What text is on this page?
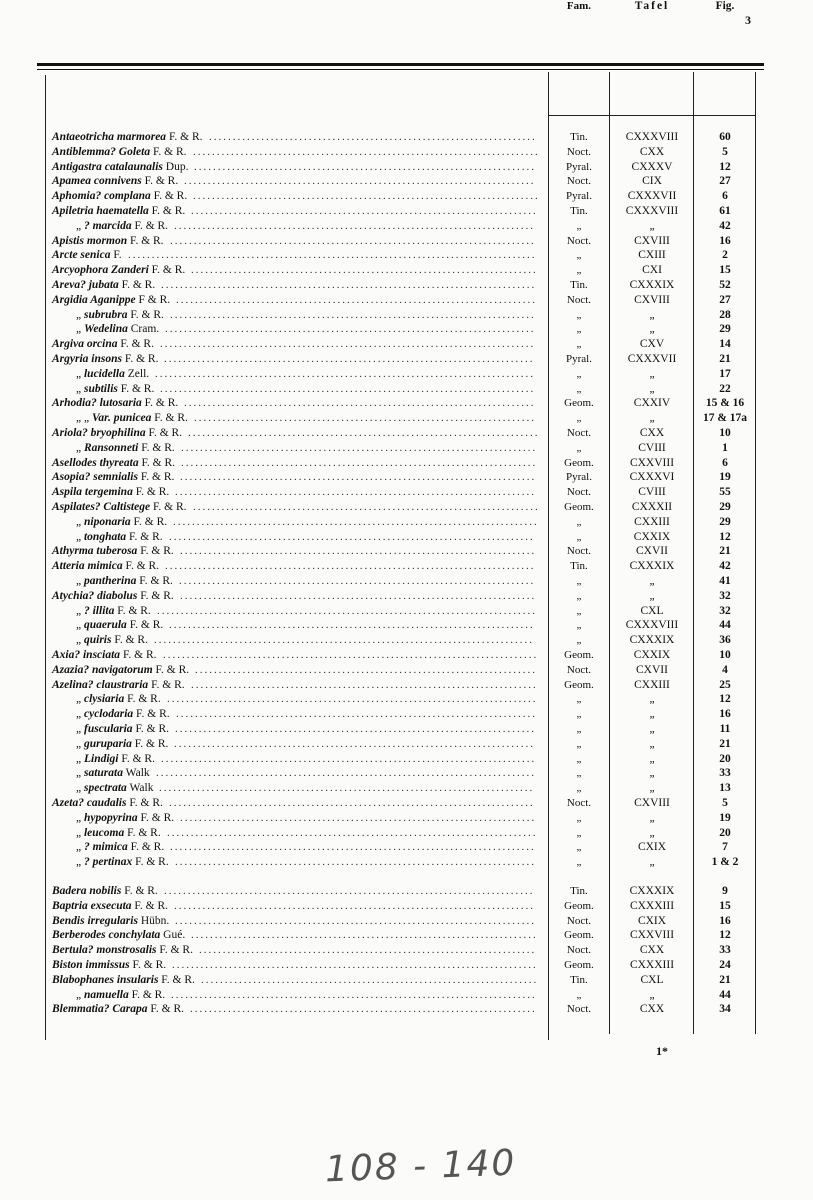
3
Fam.	Tafel	Fig.
Antaeotricha marmorea F. & R. .....................................................................	Tin.	CXXXVIII	60
Antiblemma? Goleta F. & R. .........................................................................	Noct.	CXX	5
Antigastra catalaunalis Dup. ........................................................................	Pyral.	CXXXV	12
Apamea connivens F. & R. ..........................................................................	Noct.	CIX	27
Aphomia? complana F. & R. .........................................................................	Pyral.	CXXXVII	6
Apiletria haematella F. & R. .........................................................................	Tin.	CXXXVIII	61
„ ? marcida F. & R. ............................................................................	„	„	42
Apistis mormon F. & R. .............................................................................	Noct.	CXVIII	16
Arcte senica F. ......................................................................................	„	CXIII	2
Arcyophora Zanderi F. & R. .........................................................................	„	CXI	15
Areva? jubata F. & R. ...............................................................................	Tin.	CXXXIX	52
Argidia Aganippe F & R. ............................................................................	Noct.	CXVIII	27
„ subrubra F. & R. .............................................................................	„	„	28
„ Wedelina Cram. ..............................................................................	„	„	29
Argiva orcina F. & R. ...............................................................................	„	CXV	14
Argyria insons F. & R. ..............................................................................	Pyral.	CXXXVII	21
„ lucidella Zell. ................................................................................	„	„	17
„ subtilis F. & R. ...............................................................................	„	„	22
Arhodia? lutosaria F. & R. ..........................................................................	Geom.	CXXIV	15 & 16
„ „ Var. punicea F. & R. ........................................................................	„	„	17 & 17a
Ariola? bryophilina F. & R. ..........................................................................	Noct.	CXX	10
„ Ransonneti F. & R. ...........................................................................	„	CVIII	1
Asellodes thyreata F. & R. ...........................................................................	Geom.	CXXVIII	6
Asopia? semnialis F. & R. ...........................................................................	Pyral.	CXXXVI	19
Aspila tergemina F. & R. ............................................................................	Noct.	CVIII	55
Aspilates? Caltistege F. & R. .........................................................................	Geom.	CXXXII	29
„ niponaria F. & R. .............................................................................	„	CXXIII	29
„ tonghata F. & R. .............................................................................	„	CXXIX	12
Athyrma tuberosa F. & R. ...........................................................................	Noct.	CXVII	21
Atteria mimica F. & R. ..............................................................................	Tin.	CXXXIX	42
„ pantherina F. & R. ...........................................................................	„	„	41
Atychia? diabolus F. & R. ...........................................................................	„	„	32
„ ? illita F. & R. ................................................................................	„	CXL	32
„ quaerula F. & R. .............................................................................	„	CXXXVIII	44
„ quiris F. & R. ................................................................................	„	CXXXIX	36
Axia? insciata F. & R. ...............................................................................	Geom.	CXXIX	10
Azazia? navigatorum F. & R. ........................................................................	Noct.	CXVII	4
Azelina? claustraria F. & R. .........................................................................	Geom.	CXXIII	25
„ clysiaria F. & R. ..............................................................................	„	„	12
„ cyclodaria F. & R. ............................................................................	„	„	16
„ fuscularia F. & R. ............................................................................	„	„	11
„ guruparia F. & R. ............................................................................	„	„	21
„ Lindigi F. & R. ...............................................................................	„	„	20
„ saturata Walk ................................................................................	„	„	33
„ spectrata Walk ...............................................................................	„	„	13
Azeta? caudalis F. & R. .............................................................................	Noct.	CXVIII	5
„ hypopyrina F. & R. ...........................................................................	„	„	19
„ leucoma F. & R. ..............................................................................	„	„	20
„ ? mimica F. & R. .............................................................................	„	CXIX	7
„ ? pertinax F. & R. ............................................................................	„	„	1 & 2
Badera nobilis F. & R. ..............................................................................	Tin.	CXXXIX	9
Baptria exsecuta F. & R. ............................................................................	Geom.	CXXXIII	15
Bendis irregularis Hübn. ............................................................................	Noct.	CXIX	16
Berberodes conchylata Gué. .........................................................................	Geom.	CXXVIII	12
Bertula? monstrosalis F. & R. .......................................................................	Noct.	CXX	33
Biston immissus F. & R. .............................................................................	Geom.	CXXXIII	24
Blabophanes insularis F. & R. .......................................................................	Tin.	CXL	21
„ namuella F. & R. .............................................................................	„	„	44
Blemmatia? Carapa F. & R. .........................................................................	Noct.	CXX	34
1*
108 - 140
